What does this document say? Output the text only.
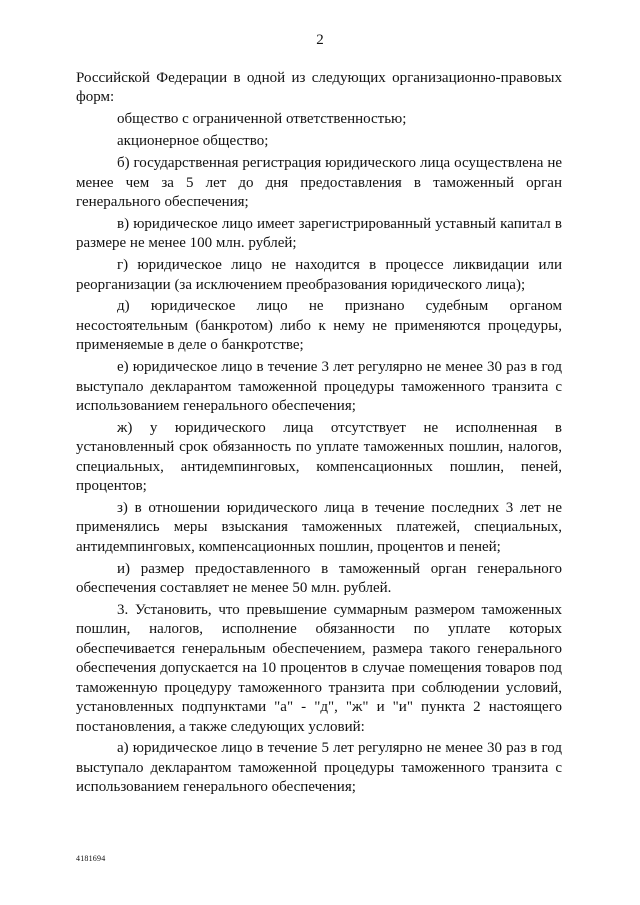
2

Российской Федерации в одной из следующих организационно-правовых форм:

общество с ограниченной ответственностью;

акционерное общество;

б) государственная регистрация юридического лица осуществлена не менее чем за 5 лет до дня предоставления в таможенный орган генерального обеспечения;

в) юридическое лицо имеет зарегистрированный уставный капитал в размере не менее 100 млн. рублей;

г) юридическое лицо не находится в процессе ликвидации или реорганизации (за исключением преобразования юридического лица);

д) юридическое лицо не признано судебным органом несостоятельным (банкротом) либо к нему не применяются процедуры, применяемые в деле о банкротстве;

е) юридическое лицо в течение 3 лет регулярно не менее 30 раз в год выступало декларантом таможенной процедуры таможенного транзита с использованием генерального обеспечения;

ж) у юридического лица отсутствует не исполненная в установленный срок обязанность по уплате таможенных пошлин, налогов, специальных, антидемпинговых, компенсационных пошлин, пеней, процентов;

з) в отношении юридического лица в течение последних 3 лет не применялись меры взыскания таможенных платежей, специальных, антидемпинговых, компенсационных пошлин, процентов и пеней;

и) размер предоставленного в таможенный орган генерального обеспечения составляет не менее 50 млн. рублей.

3. Установить, что превышение суммарным размером таможенных пошлин, налогов, исполнение обязанности по уплате которых обеспечивается генеральным обеспечением, размера такого генерального обеспечения допускается на 10 процентов в случае помещения товаров под таможенную процедуру таможенного транзита при соблюдении условий, установленных подпунктами "а" - "д", "ж" и "и" пункта 2 настоящего постановления, а также следующих условий:

а) юридическое лицо в течение 5 лет регулярно не менее 30 раз в год выступало декларантом таможенной процедуры таможенного транзита с использованием генерального обеспечения;

4181694
